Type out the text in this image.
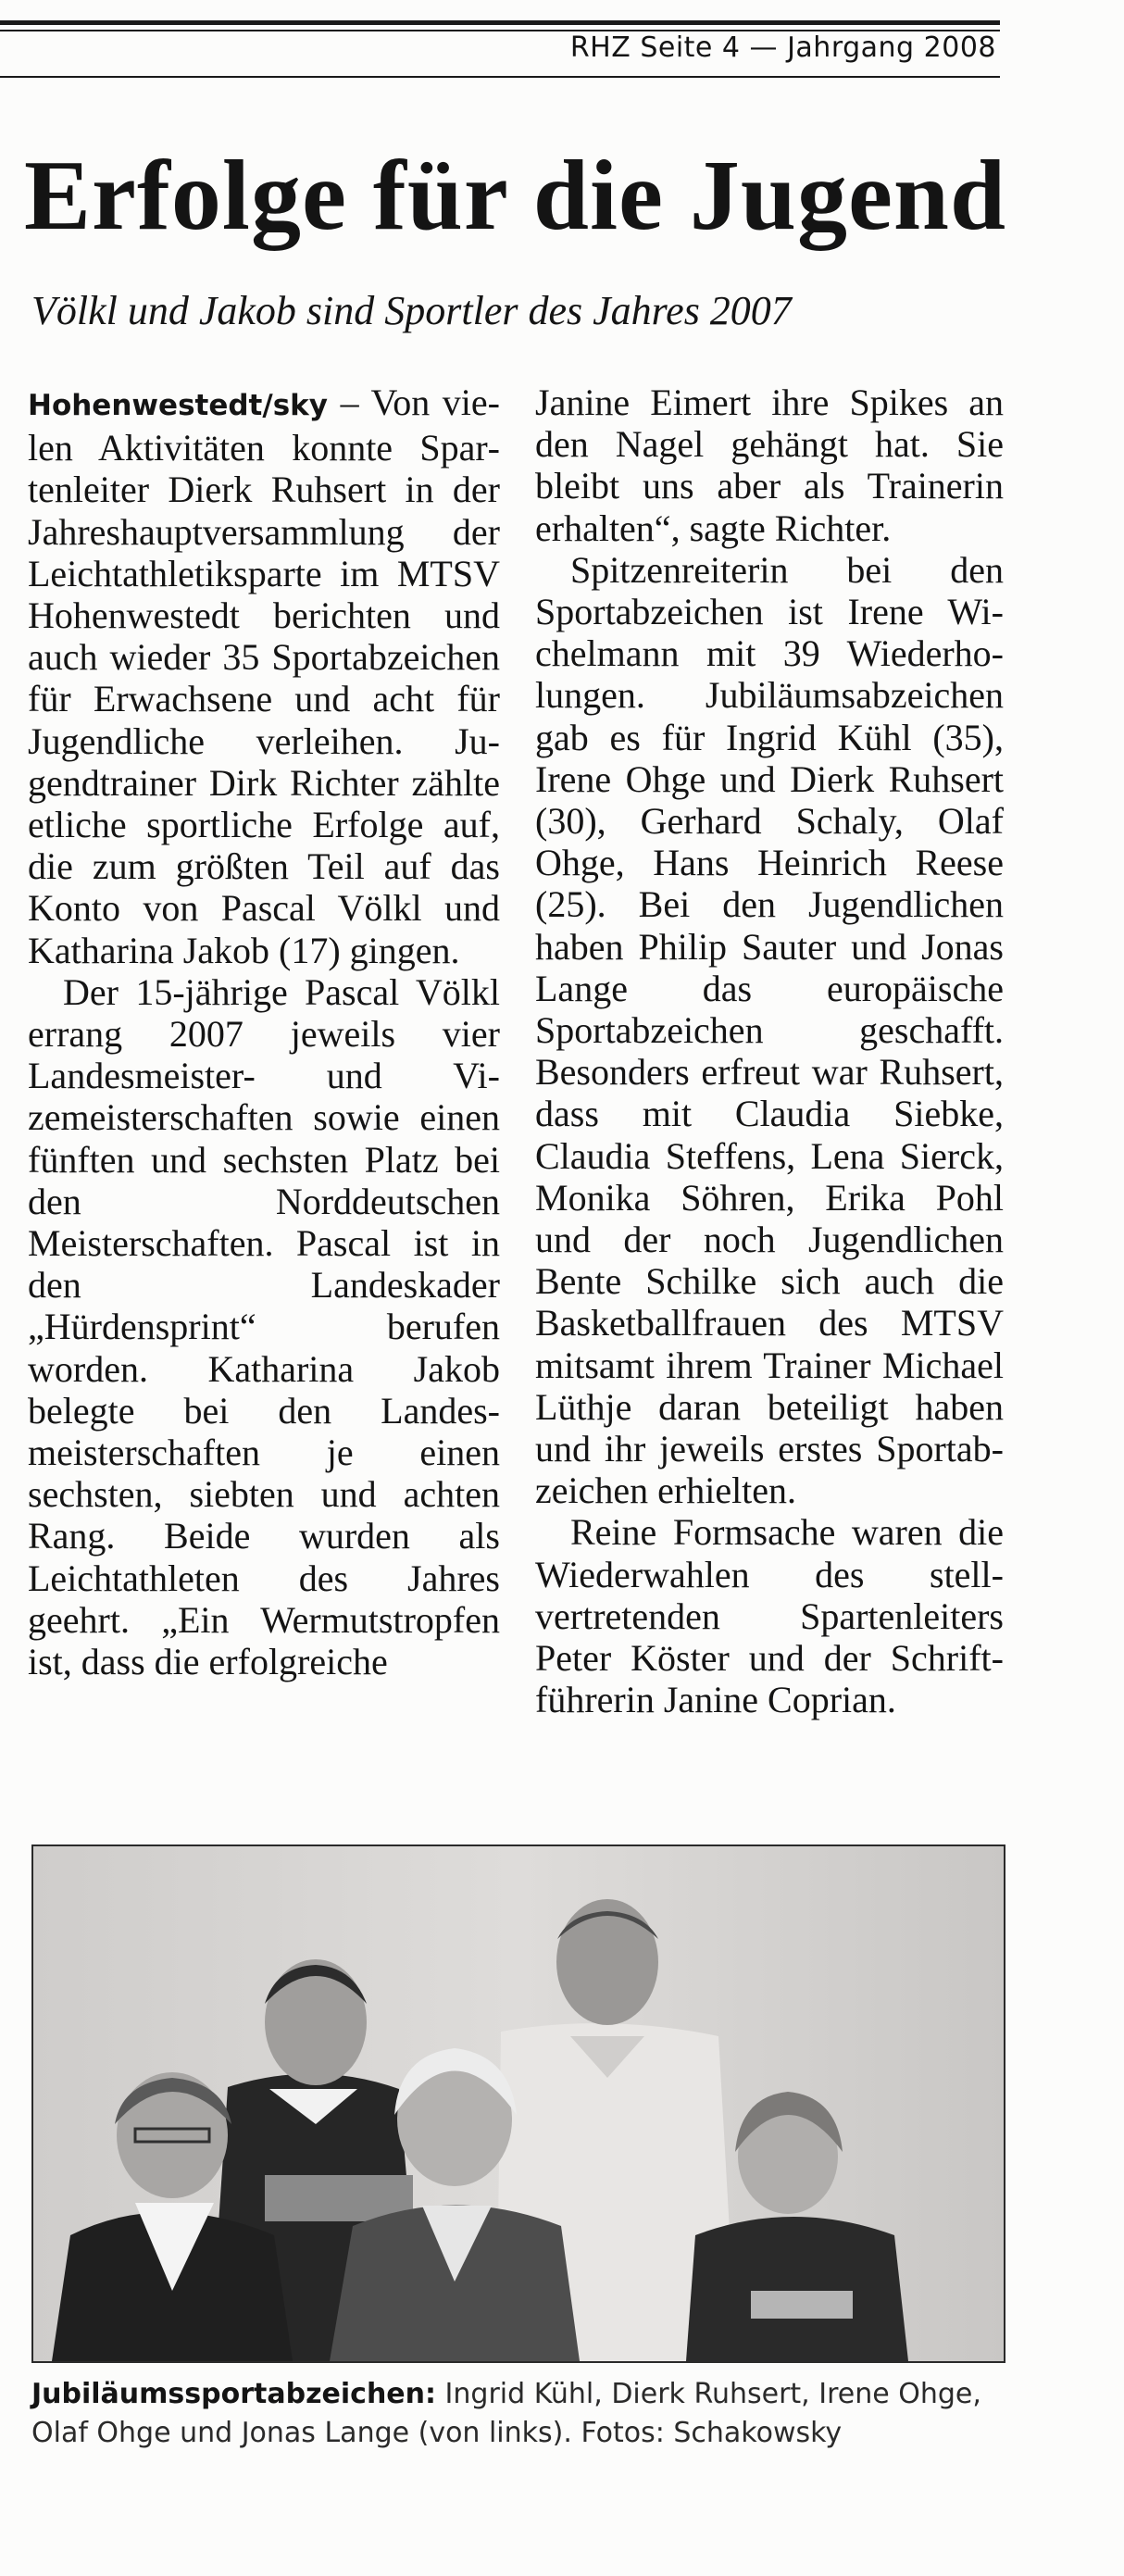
RHZ Seite 4 — Jahrgang 2008
Erfolge für die Jugend
Völkl und Jakob sind Sportler des Jahres 2007

Hohenwestedt/sky – Von vielen Aktivitäten konnte Spartenleiter Dierk Ruhsert in der Jahreshauptversammlung der Leichtathletiksparte im MTSV Hohenwestedt berichten und auch wieder 35 Sportabzeichen für Erwachsene und acht für Jugendliche verleihen. Jugendtrainer Dirk Richter zählte etliche sportliche Erfolge auf, die zum größten Teil auf das Konto von Pascal Völkl und Katharina Jakob (17) gingen.

Der 15-jährige Pascal Völkl errang 2007 jeweils vier Landesmeister- und Vizemeisterschaften sowie einen fünften und sechsten Platz bei den Norddeutschen Meisterschaften. Pascal ist in den Landeskader „Hürdensprint“ berufen worden. Katharina Jakob belegte bei den Landesmeisterschaften je einen sechsten, siebten und achten Rang. Beide wurden als Leichtathleten des Jahres geehrt. „Ein Wermutstropfen ist, dass die erfolgreiche

Janine Eimert ihre Spikes an den Nagel gehängt hat. Sie bleibt uns aber als Trainerin erhalten“, sagte Richter.

Spitzenreiterin bei den Sportabzeichen ist Irene Wichelmann mit 39 Wiederholungen. Jubiläumsabzeichen gab es für Ingrid Kühl (35), Irene Ohge und Dierk Ruhsert (30), Gerhard Schaly, Olaf Ohge, Hans Heinrich Reese (25). Bei den Jugendlichen haben Philip Sauter und Jonas Lange das europäische Sportabzeichen geschafft. Besonders erfreut war Ruhsert, dass mit Claudia Siebke, Claudia Steffens, Lena Sierck, Monika Söhren, Erika Pohl und der noch Jugendlichen Bente Schilke sich auch die Basketballfrauen des MTSV mitsamt ihrem Trainer Michael Lüthje daran beteiligt haben und ihr jeweils erstes Sportabzeichen erhielten.

Reine Formsache waren die Wiederwahlen des stellvertretenden Spartenleiters Peter Köster und der Schriftführerin Janine Coprian.

Jubiläumssportabzeichen: Ingrid Kühl, Dierk Ruhsert, Irene Ohge, Olaf Ohge und Jonas Lange (von links). Fotos: Schakowsky
